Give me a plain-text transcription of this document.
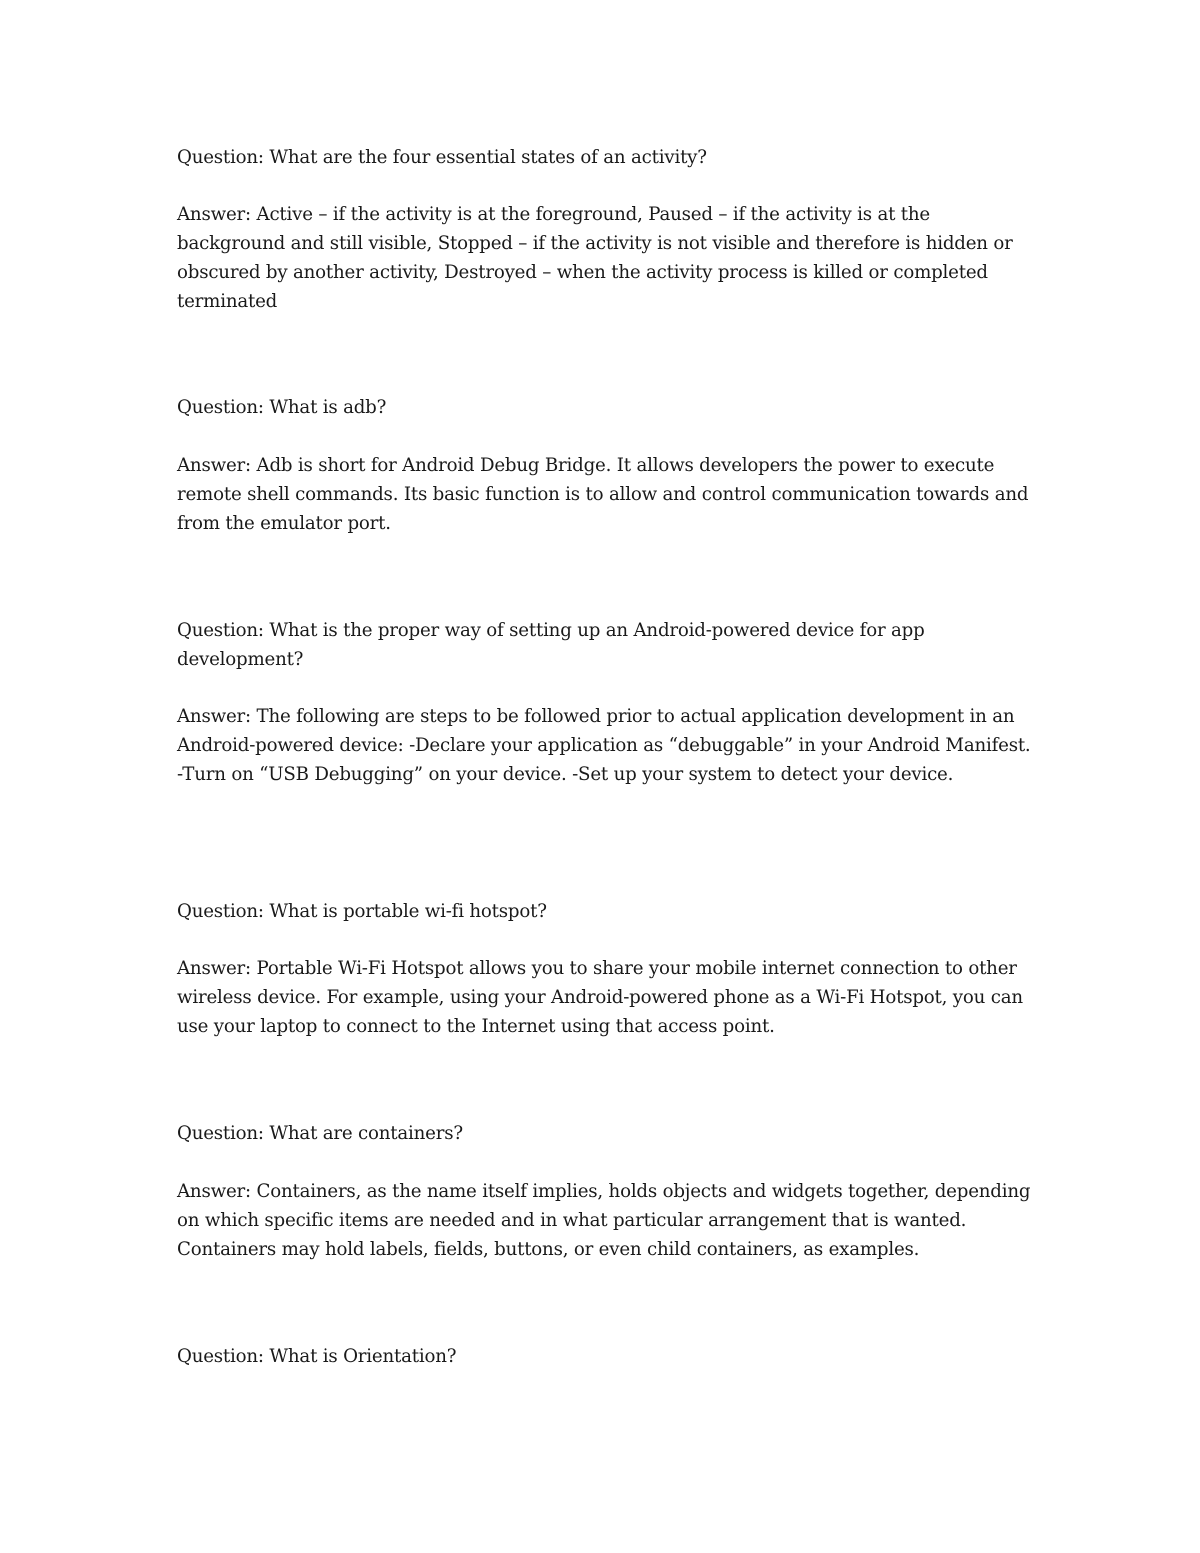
Question: What are the four essential states of an activity?

Answer: Active – if the activity is at the foreground, Paused – if the activity is at the background and still visible, Stopped – if the activity is not visible and therefore is hidden or obscured by another activity, Destroyed – when the activity process is killed or completed terminated

Question: What is adb?

Answer: Adb is short for Android Debug Bridge. It allows developers the power to execute remote shell commands. Its basic function is to allow and control communication towards and from the emulator port.

Question: What is the proper way of setting up an Android-powered device for app development?

Answer: The following are steps to be followed prior to actual application development in an Android-powered device: -Declare your application as “debuggable” in your Android Manifest. -Turn on “USB Debugging” on your device. -Set up your system to detect your device.

Question: What is portable wi-fi hotspot?

Answer: Portable Wi-Fi Hotspot allows you to share your mobile internet connection to other wireless device. For example, using your Android-powered phone as a Wi-Fi Hotspot, you can use your laptop to connect to the Internet using that access point.

Question: What are containers?

Answer: Containers, as the name itself implies, holds objects and widgets together, depending on which specific items are needed and in what particular arrangement that is wanted. Containers may hold labels, fields, buttons, or even child containers, as examples.

Question: What is Orientation?
